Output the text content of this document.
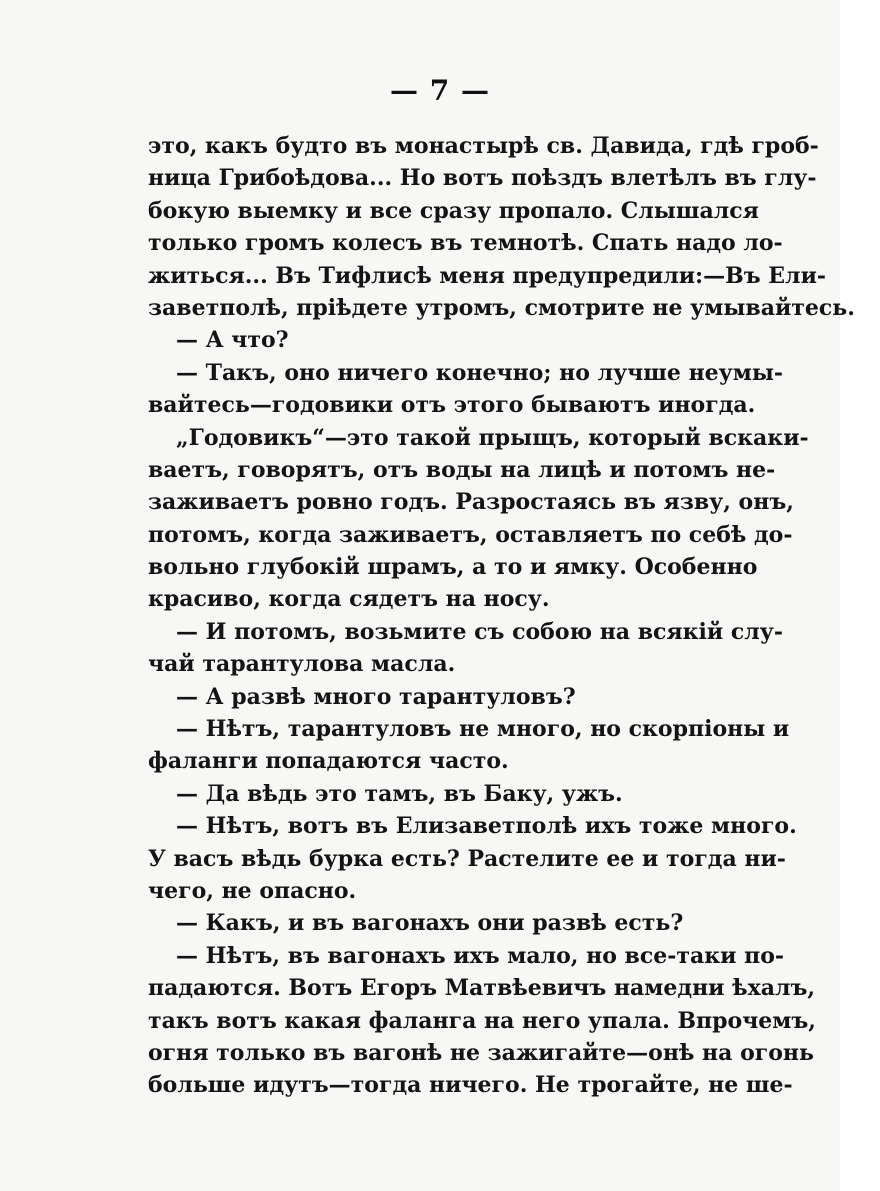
— 7 —
это, какъ будто въ монастырѣ св. Давида, гдѣ гроб-
ница Грибоѣдова... Но вотъ поѣздъ влетѣлъ въ глу-
бокую выемку и все сразу пропало. Слышался
только громъ колесъ въ темнотѣ. Спать надо ло-
житься... Въ Тифлисѣ меня предупредили:—Въ Ели-
заветполѣ, прiѣдете утромъ, смотрите не умывайтесь.
— А что?
— Такъ, оно ничего конечно; но лучше неумы-
вайтесь—годовики отъ этого бываютъ иногда.
„Годовикъ“—это такой прыщъ, который вскаки-
ваетъ, говорятъ, отъ воды на лицѣ и потомъ не-
заживаетъ ровно годъ. Разростаясь въ язву, онъ,
потомъ, когда заживаетъ, оставляетъ по себѣ до-
вольно глубокiй шрамъ, а то и ямку. Особенно
красиво, когда сядетъ на носу.
— И потомъ, возьмите съ собою на всякiй слу-
чай тарантулова масла.
— А развѣ много тарантуловъ?
— Нѣтъ, тарантуловъ не много, но скорпiоны и
фаланги попадаются часто.
— Да вѣдь это тамъ, въ Баку, ужъ.
— Нѣтъ, вотъ въ Елизаветполѣ ихъ тоже много.
У васъ вѣдь бурка есть? Растелите ее и тогда ни-
чего, не опасно.
— Какъ, и въ вагонахъ они развѣ есть?
— Нѣтъ, въ вагонахъ ихъ мало, но все-таки по-
падаются. Вотъ Егоръ Матвѣевичъ намедни ѣхалъ,
такъ вотъ какая фаланга на него упала. Впрочемъ,
огня только въ вагонѣ не зажигайте—онѣ на огонь
больше идутъ—тогда ничего. Не трогайте, не ше-
